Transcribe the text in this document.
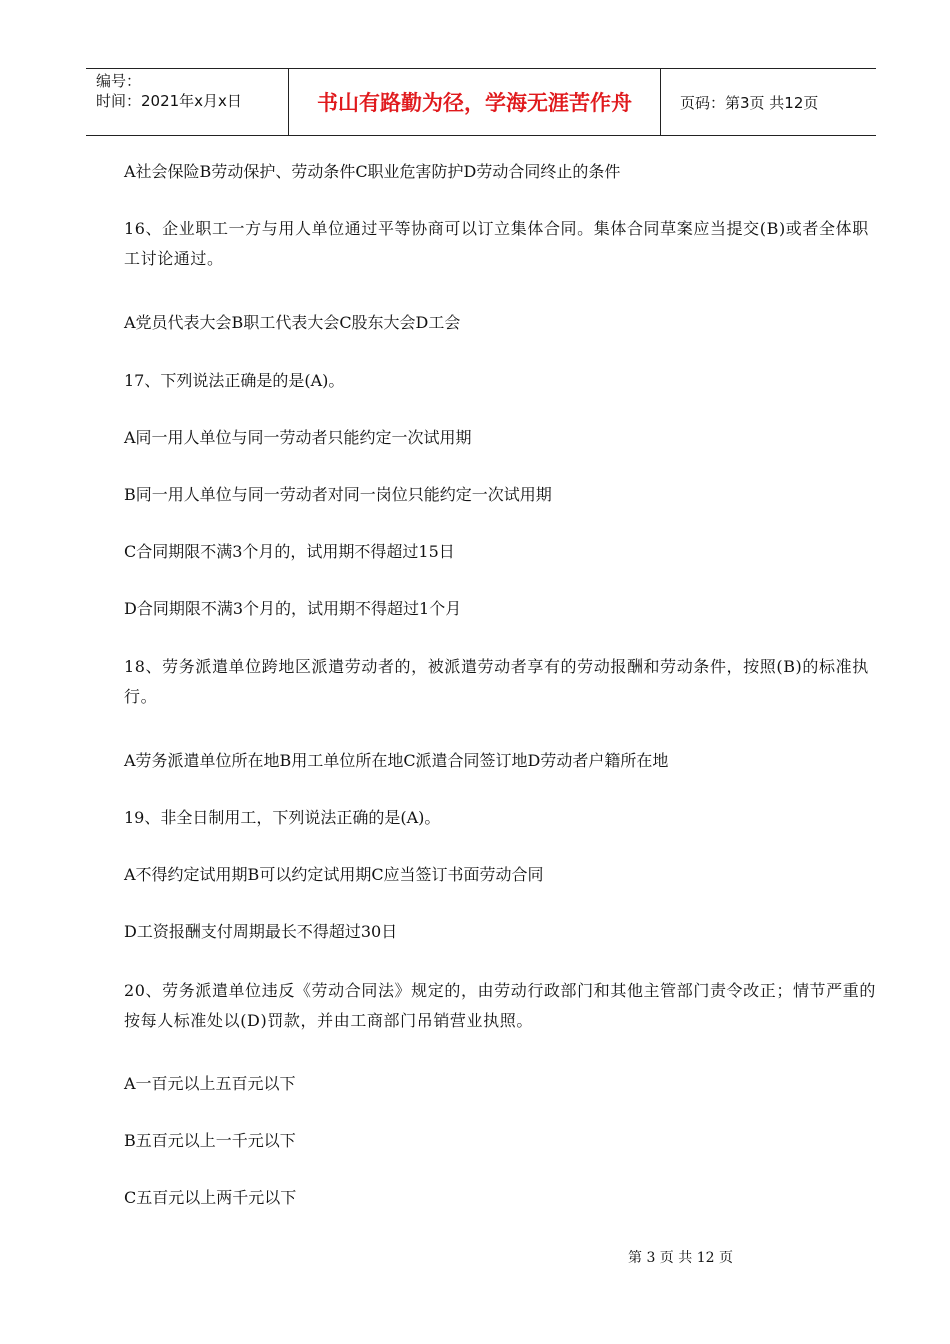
编号：
时间：2021年x月x日	书山有路勤为径，学海无涯苦作舟	页码：第3页 共12页
A社会保险B劳动保护、劳动条件C职业危害防护D劳动合同终止的条件
16、企业职工一方与用人单位通过平等协商可以订立集体合同。集体合同草案应当提交(B)或者全体职工讨论通过。
A党员代表大会B职工代表大会C股东大会D工会
17、下列说法正确是的是(A)。
A同一用人单位与同一劳动者只能约定一次试用期
B同一用人单位与同一劳动者对同一岗位只能约定一次试用期
C合同期限不满3个月的，试用期不得超过15日
D合同期限不满3个月的，试用期不得超过1个月
18、劳务派遣单位跨地区派遣劳动者的，被派遣劳动者享有的劳动报酬和劳动条件，按照(B)的标准执行。
A劳务派遣单位所在地B用工单位所在地C派遣合同签订地D劳动者户籍所在地
19、非全日制用工，下列说法正确的是(A)。
A不得约定试用期B可以约定试用期C应当签订书面劳动合同
D工资报酬支付周期最长不得超过30日
20、劳务派遣单位违反《劳动合同法》规定的，由劳动行政部门和其他主管部门责令改正；情节严重的按每人标准处以(D)罚款，并由工商部门吊销营业执照。
A一百元以上五百元以下
B五百元以上一千元以下
C五百元以上两千元以下
第 3 页 共 12 页
